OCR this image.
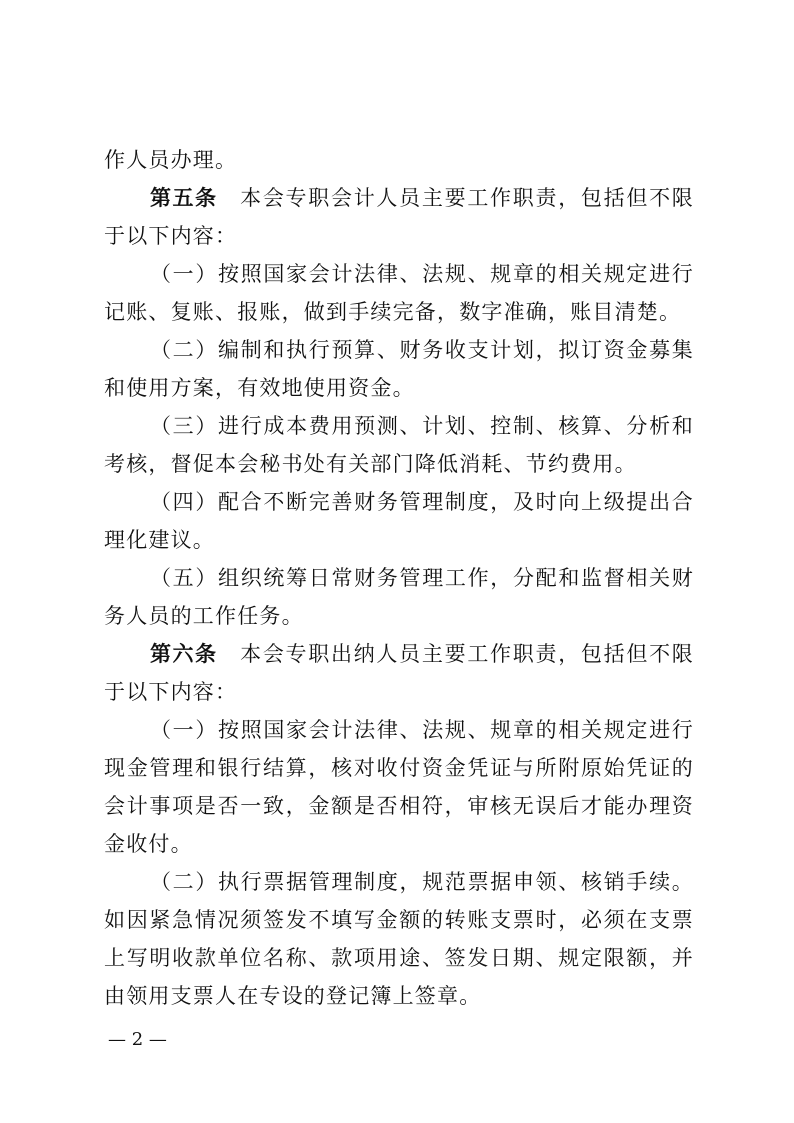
作人员办理。

第五条 本会专职会计人员主要工作职责，包括但不限于以下内容：

（一）按照国家会计法律、法规、规章的相关规定进行记账、复账、报账，做到手续完备，数字准确，账目清楚。

（二）编制和执行预算、财务收支计划，拟订资金募集和使用方案，有效地使用资金。

（三）进行成本费用预测、计划、控制、核算、分析和考核，督促本会秘书处有关部门降低消耗、节约费用。

（四）配合不断完善财务管理制度，及时向上级提出合理化建议。

（五）组织统筹日常财务管理工作，分配和监督相关财务人员的工作任务。

第六条 本会专职出纳人员主要工作职责，包括但不限于以下内容：

（一）按照国家会计法律、法规、规章的相关规定进行现金管理和银行结算，核对收付资金凭证与所附原始凭证的会计事项是否一致，金额是否相符，审核无误后才能办理资金收付。

（二）执行票据管理制度，规范票据申领、核销手续。如因紧急情况须签发不填写金额的转账支票时，必须在支票上写明收款单位名称、款项用途、签发日期、规定限额，并由领用支票人在专设的登记簿上签章。

— 2 —
